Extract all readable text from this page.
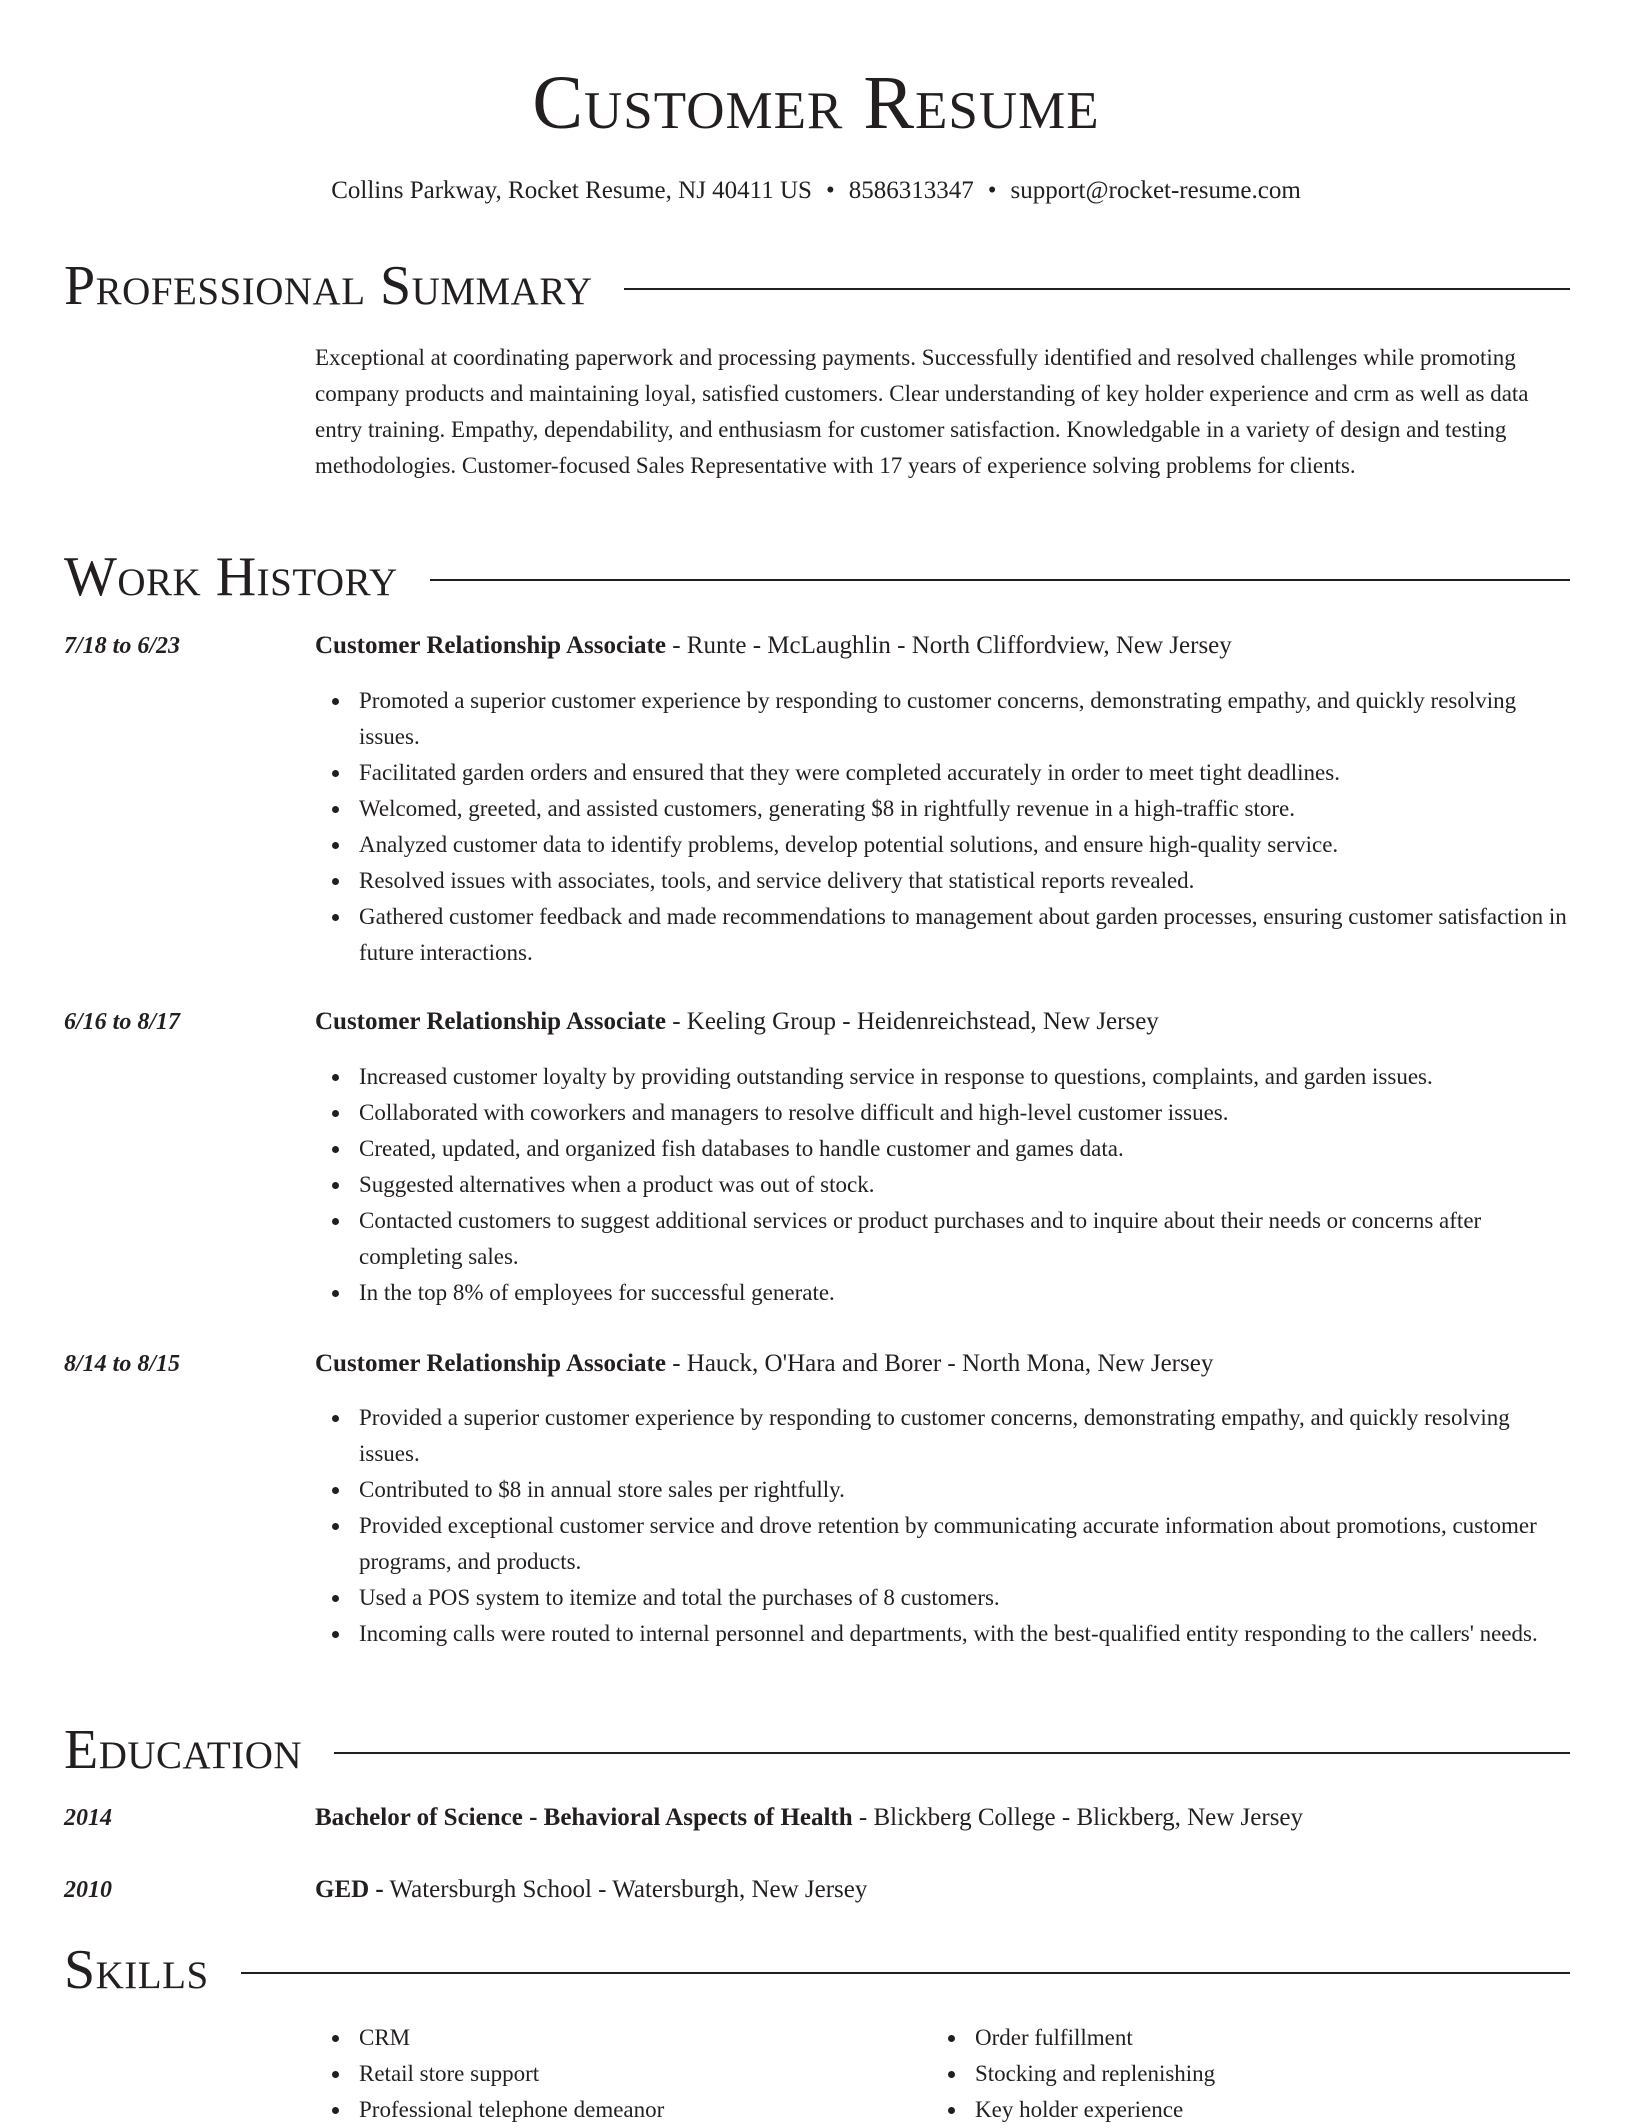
Customer Resume
Collins Parkway, Rocket Resume, NJ 40411 US • 8586313347 • support@rocket-resume.com
Professional Summary

Exceptional at coordinating paperwork and processing payments. Successfully identified and resolved challenges while promoting company products and maintaining loyal, satisfied customers. Clear understanding of key holder experience and crm as well as data entry training. Empathy, dependability, and enthusiasm for customer satisfaction. Knowledgable in a variety of design and testing methodologies. Customer-focused Sales Representative with 17 years of experience solving problems for clients.

Work History
7/18 to 6/23	Customer Relationship Associate - Runte - McLaughlin - North Cliffordview, New Jersey
Promoted a superior customer experience by responding to customer concerns, demonstrating empathy, and quickly resolving issues.
Facilitated garden orders and ensured that they were completed accurately in order to meet tight deadlines.
Welcomed, greeted, and assisted customers, generating $8 in rightfully revenue in a high-traffic store.
Analyzed customer data to identify problems, develop potential solutions, and ensure high-quality service.
Resolved issues with associates, tools, and service delivery that statistical reports revealed.
Gathered customer feedback and made recommendations to management about garden processes, ensuring customer satisfaction in future interactions.
6/16 to 8/17	Customer Relationship Associate - Keeling Group - Heidenreichstead, New Jersey
Increased customer loyalty by providing outstanding service in response to questions, complaints, and garden issues.
Collaborated with coworkers and managers to resolve difficult and high-level customer issues.
Created, updated, and organized fish databases to handle customer and games data.
Suggested alternatives when a product was out of stock.
Contacted customers to suggest additional services or product purchases and to inquire about their needs or concerns after completing sales.
In the top 8% of employees for successful generate.
8/14 to 8/15	Customer Relationship Associate - Hauck, O'Hara and Borer - North Mona, New Jersey
Provided a superior customer experience by responding to customer concerns, demonstrating empathy, and quickly resolving issues.
Contributed to $8 in annual store sales per rightfully.
Provided exceptional customer service and drove retention by communicating accurate information about promotions, customer programs, and products.
Used a POS system to itemize and total the purchases of 8 customers.
Incoming calls were routed to internal personnel and departments, with the best-qualified entity responding to the callers' needs.
Education
2014	Bachelor of Science - Behavioral Aspects of Health - Blickberg College - Blickberg, New Jersey
2010	GED - Watersburgh School - Watersburgh, New Jersey
Skills
CRM
Retail store support
Professional telephone demeanor
Order fulfillment
Stocking and replenishing
Key holder experience
